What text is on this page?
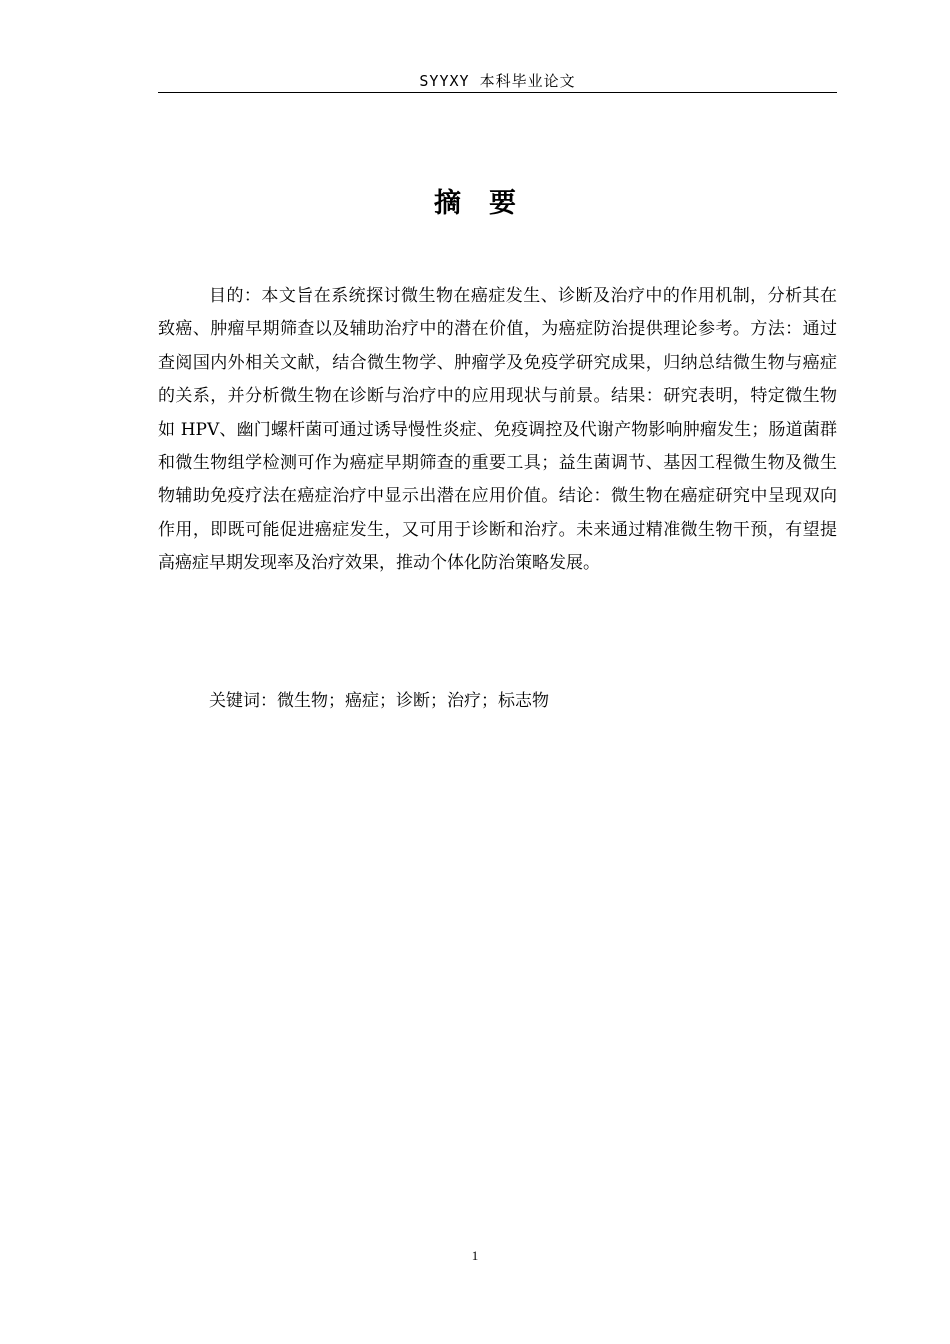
SYYXY 本科毕业论文
摘 要

目的：本文旨在系统探讨微生物在癌症发生、诊断及治疗中的作用机制，分析其在致癌、肿瘤早期筛查以及辅助治疗中的潜在价值，为癌症防治提供理论参考。方法：通过查阅国内外相关文献，结合微生物学、肿瘤学及免疫学研究成果，归纳总结微生物与癌症的关系，并分析微生物在诊断与治疗中的应用现状与前景。结果：研究表明，特定微生物如 HPV、幽门螺杆菌可通过诱导慢性炎症、免疫调控及代谢产物影响肿瘤发生；肠道菌群和微生物组学检测可作为癌症早期筛查的重要工具；益生菌调节、基因工程微生物及微生物辅助免疫疗法在癌症治疗中显示出潜在应用价值。结论：微生物在癌症研究中呈现双向作用，即既可能促进癌症发生，又可用于诊断和治疗。未来通过精准微生物干预，有望提高癌症早期发现率及治疗效果，推动个体化防治策略发展。

关键词：微生物；癌症；诊断；治疗；标志物
1
